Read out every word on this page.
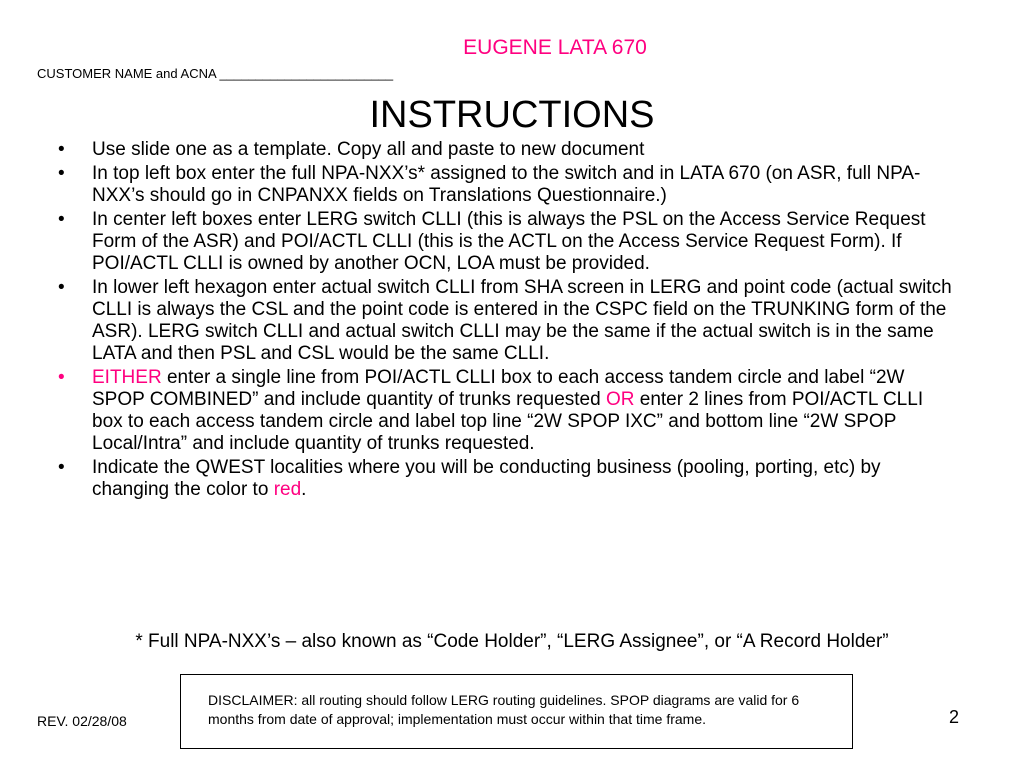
EUGENE LATA 670
CUSTOMER NAME and ACNA ________________________
INSTRUCTIONS
• Use slide one as a template. Copy all and paste to new document
• In top left box enter the full NPA-NXX’s* assigned to the switch and in LATA 670 (on ASR, full NPA-NXX’s should go in CNPANXX fields on Translations Questionnaire.)
• In center left boxes enter LERG switch CLLI (this is always the PSL on the Access Service Request Form of the ASR) and POI/ACTL CLLI (this is the ACTL on the Access Service Request Form). If POI/ACTL CLLI is owned by another OCN, LOA must be provided.
• In lower left hexagon enter actual switch CLLI from SHA screen in LERG and point code (actual switch CLLI is always the CSL and the point code is entered in the CSPC field on the TRUNKING form of the ASR). LERG switch CLLI and actual switch CLLI may be the same if the actual switch is in the same LATA and then PSL and CSL would be the same CLLI.
• EITHER enter a single line from POI/ACTL CLLI box to each access tandem circle and label “2W SPOP COMBINED” and include quantity of trunks requested OR enter 2 lines from POI/ACTL CLLI box to each access tandem circle and label top line “2W SPOP IXC” and bottom line “2W SPOP Local/Intra” and include quantity of trunks requested.
• Indicate the QWEST localities where you will be conducting business (pooling, porting, etc) by changing the color to red.
* Full NPA-NXX’s – also known as “Code Holder”, “LERG Assignee”, or “A Record Holder”
DISCLAIMER: all routing should follow LERG routing guidelines. SPOP diagrams are valid for 6 months from date of approval; implementation must occur within that time frame.
REV. 02/28/08	2
